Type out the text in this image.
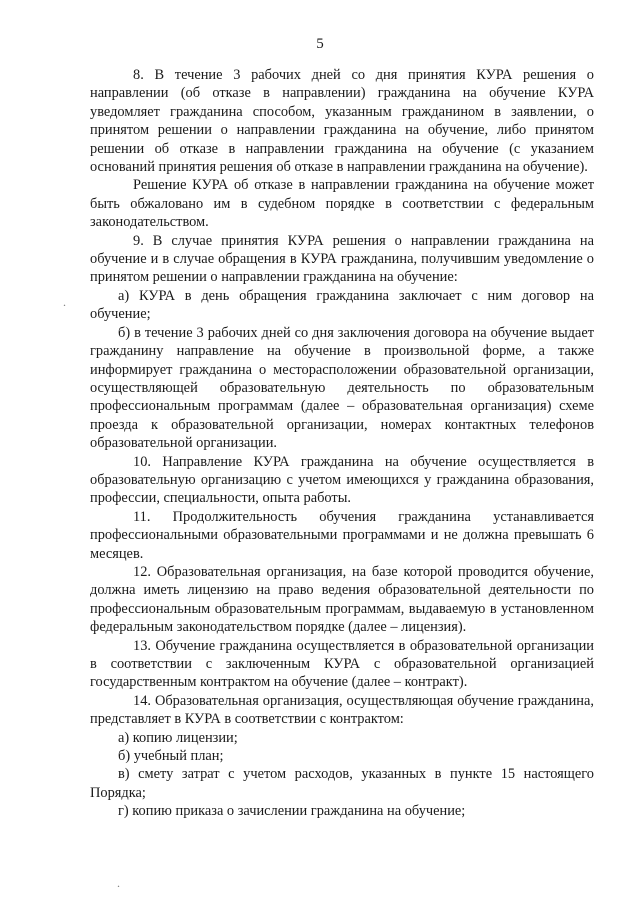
5
.
.

8. В течение 3 рабочих дней со дня принятия КУРА решения о направлении (об отказе в направлении) гражданина на обучение КУРА уведомляет гражданина способом, указанным гражданином в заявлении, о принятом решении о направлении гражданина на обучение, либо принятом решении об отказе в направлении гражданина на обучение (с указанием оснований принятия решения об отказе в направлении гражданина на обучение).

Решение КУРА об отказе в направлении гражданина на обучение может быть обжаловано им в судебном порядке в соответствии с федеральным законодательством.

9. В случае принятия КУРА решения о направлении гражданина на обучение и в случае обращения в КУРА гражданина, получившим уведомление о принятом решении о направлении гражданина на обучение:

а) КУРА в день обращения гражданина заключает с ним договор на обучение;

б) в течение 3 рабочих дней со дня заключения договора на обучение выдает гражданину направление на обучение в произвольной форме, а также информирует гражданина о месторасположении образовательной организации, осуществляющей образовательную деятельность по образовательным профессиональным программам (далее – образовательная организация) схеме проезда к образовательной организации, номерах контактных телефонов образовательной организации.

10. Направление КУРА гражданина на обучение осуществляется в образовательную организацию с учетом имеющихся у гражданина образования, профессии, специальности, опыта работы.

11. Продолжительность обучения гражданина устанавливается профессиональными образовательными программами и не должна превышать 6 месяцев.

12. Образовательная организация, на базе которой проводится обучение, должна иметь лицензию на право ведения образовательной деятельности по профессиональным образовательным программам, выдаваемую в установленном федеральным законодательством порядке (далее – лицензия).

13. Обучение гражданина осуществляется в образовательной организации в соответствии с заключенным КУРА с образовательной организацией государственным контрактом на обучение (далее – контракт).

14. Образовательная организация, осуществляющая обучение гражданина, представляет в КУРА в соответствии с контрактом:

а) копию лицензии;

б) учебный план;

в) смету затрат с учетом расходов, указанных в пункте 15 настоящего Порядка;

г) копию приказа о зачислении гражданина на обучение;
